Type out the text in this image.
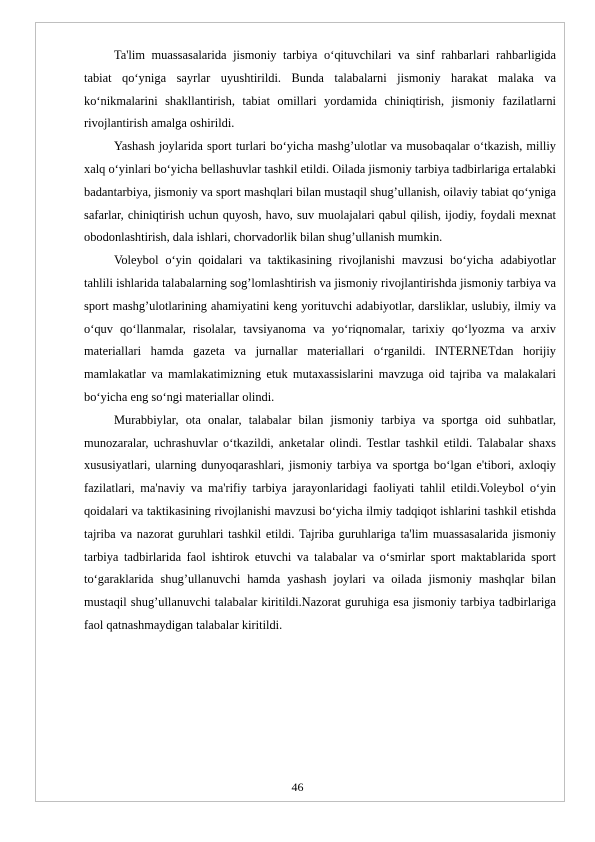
Ta'lim muassasalarida jismoniy tarbiya o‘qituvchilari va sinf rahbarlari rahbarligida tabiat qo‘yniga sayrlar uyushtirildi. Bunda talabalarni jismoniy harakat malaka va ko‘nikmalarini shakllantirish, tabiat omillari yordamida chiniqtirish, jismoniy fazilatlarni rivojlantirish amalga oshirildi.

Yashash joylarida sport turlari bo‘yicha mashg’ulotlar va musobaqalar o‘tkazish, milliy xalq o‘yinlari bo‘yicha bellashuvlar tashkil etildi. Oilada jismoniy tarbiya tadbirlariga ertalabki badantarbiya, jismoniy va sport mashqlari bilan mustaqil shug’ullanish, oilaviy tabiat qo‘yniga safarlar, chiniqtirish uchun quyosh, havo, suv muolajalari qabul qilish, ijodiy, foydali mexnat obodonlashtirish, dala ishlari, chorvadorlik bilan shug’ullanish mumkin.

Voleybol o‘yin qoidalari va taktikasining rivojlanishi mavzusi bo‘yicha adabiyotlar tahlili ishlarida talabalarning sog’lomlashtirish va jismoniy rivojlantirishda jismoniy tarbiya va sport mashg’ulotlarining ahamiyatini keng yorituvchi adabiyotlar, darsliklar, uslubiy, ilmiy va o‘quv qo‘llanmalar, risolalar, tavsiyanoma va yo‘riqnomalar, tarixiy qo‘lyozma va arxiv materiallari hamda gazeta va jurnallar materiallari o‘rganildi. INTERNETdan horijiy mamlakatlar va mamlakatimizning etuk mutaxassislarini mavzuga oid tajriba va malakalari bo‘yicha eng so‘ngi materiallar olindi.

Murabbiylar, ota onalar, talabalar bilan jismoniy tarbiya va sportga oid suhbatlar, munozaralar, uchrashuvlar o‘tkazildi, anketalar olindi. Testlar tashkil etildi. Talabalar shaxs xususiyatlari, ularning dunyoqarashlari, jismoniy tarbiya va sportga bo‘lgan e'tibori, axloqiy fazilatlari, ma'naviy va ma'rifiy tarbiya jarayonlaridagi faoliyati tahlil etildi.Voleybol o‘yin qoidalari va taktikasining rivojlanishi mavzusi bo‘yicha ilmiy tadqiqot ishlarini tashkil etishda tajriba va nazorat guruhlari tashkil etildi. Tajriba guruhlariga ta'lim muassasalarida jismoniy tarbiya tadbirlarida faol ishtirok etuvchi va talabalar va o‘smirlar sport maktablarida sport to‘garaklarida shug’ullanuvchi hamda yashash joylari va oilada jismoniy mashqlar bilan mustaqil shug’ullanuvchi talabalar kiritildi.Nazorat guruhiga esa jismoniy tarbiya tadbirlariga faol qatnashmaydigan talabalar kiritildi.

46
